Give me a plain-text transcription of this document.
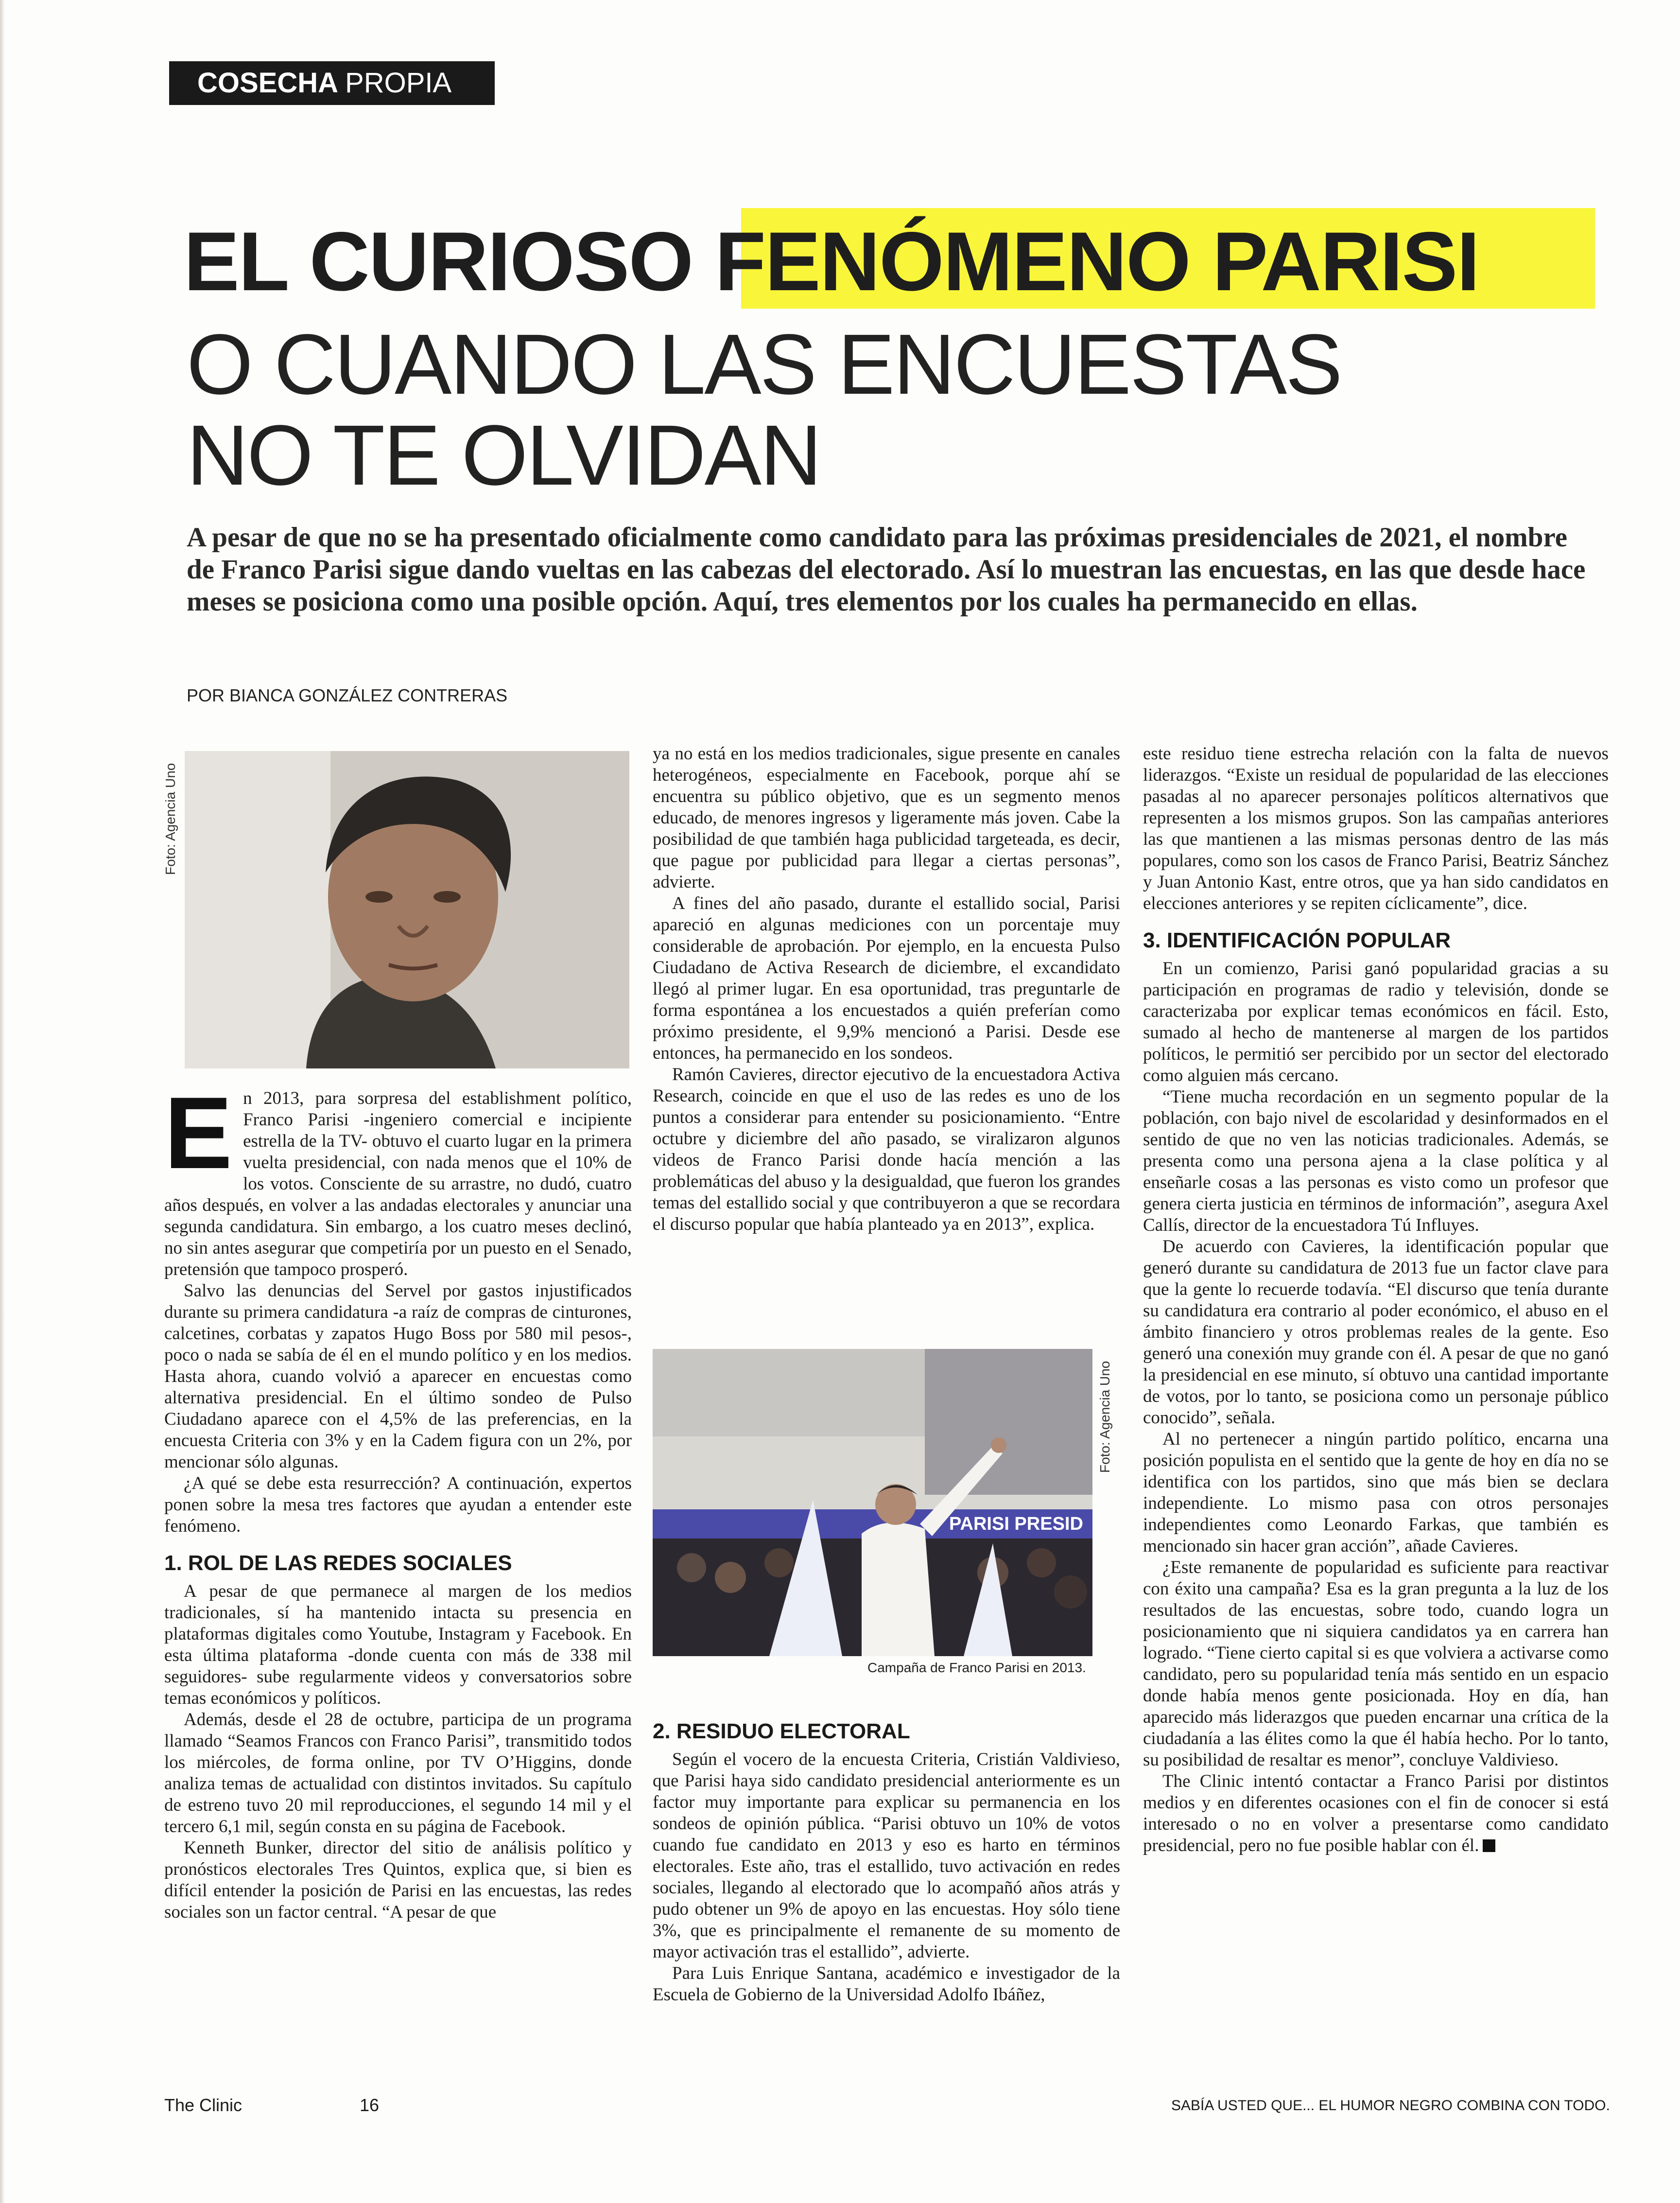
COSECHA PROPIA
EL CURIOSO FENÓMENO PARISI
O CUANDO LAS ENCUESTAS
NO TE OLVIDAN

A pesar de que no se ha presentado oficialmente como candidato para las próximas presidenciales de 2021, el nombre de Franco Parisi sigue dando vueltas en las cabezas del electorado. Así lo muestran las encuestas, en las que desde hace meses se posiciona como una posible opción. Aquí, tres elementos por los cuales ha permanecido en ellas.

POR BIANCA GONZÁLEZ CONTRERAS
Foto: Agencia Uno

En 2013, para sorpresa del establishment político, Franco Parisi -ingeniero comercial e incipiente estrella de la TV- obtuvo el cuarto lugar en la primera vuelta presidencial, con nada menos que el 10% de los votos. Consciente de su arrastre, no dudó, cuatro años después, en volver a las andadas electorales y anunciar una segunda candidatura. Sin embargo, a los cuatro meses declinó, no sin antes asegurar que competiría por un puesto en el Senado, pretensión que tampoco prosperó.

Salvo las denuncias del Servel por gastos injustificados durante su primera candidatura -a raíz de compras de cinturones, calcetines, corbatas y zapatos Hugo Boss por 580 mil pesos-, poco o nada se sabía de él en el mundo político y en los medios. Hasta ahora, cuando volvió a aparecer en encuestas como alternativa presidencial. En el último sondeo de Pulso Ciudadano aparece con el 4,5% de las preferencias, en la encuesta Criteria con 3% y en la Cadem figura con un 2%, por mencionar sólo algunas.

¿A qué se debe esta resurrección? A continuación, expertos ponen sobre la mesa tres factores que ayudan a entender este fenómeno.

1. ROL DE LAS REDES SOCIALES

A pesar de que permanece al margen de los medios tradicionales, sí ha mantenido intacta su presencia en plataformas digitales como Youtube, Instagram y Facebook. En esta última plataforma -donde cuenta con más de 338 mil seguidores- sube regularmente videos y conversatorios sobre temas económicos y políticos.

Además, desde el 28 de octubre, participa de un programa llamado “Seamos Francos con Franco Parisi”, transmitido todos los miércoles, de forma online, por TV O’Higgins, donde analiza temas de actualidad con distintos invitados. Su capítulo de estreno tuvo 20 mil reproducciones, el segundo 14 mil y el tercero 6,1 mil, según consta en su página de Facebook.

Kenneth Bunker, director del sitio de análisis político y pronósticos electorales Tres Quintos, explica que, si bien es difícil entender la posición de Parisi en las encuestas, las redes sociales son un factor central. “A pesar de que

ya no está en los medios tradicionales, sigue presente en canales heterogéneos, especialmente en Facebook, porque ahí se encuentra su público objetivo, que es un segmento menos educado, de menores ingresos y ligeramente más joven. Cabe la posibilidad de que también haga publicidad targeteada, es decir, que pague por publicidad para llegar a ciertas personas”, advierte.

A fines del año pasado, durante el estallido social, Parisi apareció en algunas mediciones con un porcentaje muy considerable de aprobación. Por ejemplo, en la encuesta Pulso Ciudadano de Activa Research de diciembre, el excandidato llegó al primer lugar. En esa oportunidad, tras preguntarle de forma espontánea a los encuestados a quién preferían como próximo presidente, el 9,9% mencionó a Parisi. Desde ese entonces, ha permanecido en los sondeos.

Ramón Cavieres, director ejecutivo de la encuestadora Activa Research, coincide en que el uso de las redes es uno de los puntos a considerar para entender su posicionamiento. “Entre octubre y diciembre del año pasado, se viralizaron algunos videos de Franco Parisi donde hacía mención a las problemáticas del abuso y la desigualdad, que fueron los grandes temas del estallido social y que contribuyeron a que se recordara el discurso popular que había planteado ya en 2013”, explica.

PARISI PRESID
Foto: Agencia Uno
Campaña de Franco Parisi en 2013.
2. RESIDUO ELECTORAL

Según el vocero de la encuesta Criteria, Cristián Valdivieso, que Parisi haya sido candidato presidencial anteriormente es un factor muy importante para explicar su permanencia en los sondeos de opinión pública. “Parisi obtuvo un 10% de votos cuando fue candidato en 2013 y eso es harto en términos electorales. Este año, tras el estallido, tuvo activación en redes sociales, llegando al electorado que lo acompañó años atrás y pudo obtener un 9% de apoyo en las encuestas. Hoy sólo tiene 3%, que es principalmente el remanente de su momento de mayor activación tras el estallido”, advierte.

Para Luis Enrique Santana, académico e investigador de la Escuela de Gobierno de la Universidad Adolfo Ibáñez,

este residuo tiene estrecha relación con la falta de nuevos liderazgos. “Existe un residual de popularidad de las elecciones pasadas al no aparecer personajes políticos alternativos que representen a los mismos grupos. Son las campañas anteriores las que mantienen a las mismas personas dentro de las más populares, como son los casos de Franco Parisi, Beatriz Sánchez y Juan Antonio Kast, entre otros, que ya han sido candidatos en elecciones anteriores y se repiten cíclicamente”, dice.

3. IDENTIFICACIÓN POPULAR

En un comienzo, Parisi ganó popularidad gracias a su participación en programas de radio y televisión, donde se caracterizaba por explicar temas económicos en fácil. Esto, sumado al hecho de mantenerse al margen de los partidos políticos, le permitió ser percibido por un sector del electorado como alguien más cercano.

“Tiene mucha recordación en un segmento popular de la población, con bajo nivel de escolaridad y desinformados en el sentido de que no ven las noticias tradicionales. Además, se presenta como una persona ajena a la clase política y al enseñarle cosas a las personas es visto como un profesor que genera cierta justicia en términos de información”, asegura Axel Callís, director de la encuestadora Tú Influyes.

De acuerdo con Cavieres, la identificación popular que generó durante su candidatura de 2013 fue un factor clave para que la gente lo recuerde todavía. “El discurso que tenía durante su candidatura era contrario al poder económico, el abuso en el ámbito financiero y otros problemas reales de la gente. Eso generó una conexión muy grande con él. A pesar de que no ganó la presidencial en ese minuto, sí obtuvo una cantidad importante de votos, por lo tanto, se posiciona como un personaje público conocido”, señala.

Al no pertenecer a ningún partido político, encarna una posición populista en el sentido que la gente de hoy en día no se identifica con los partidos, sino que más bien se declara independiente. Lo mismo pasa con otros personajes independientes como Leonardo Farkas, que también es mencionado sin hacer gran acción”, añade Cavieres.

¿Este remanente de popularidad es suficiente para reactivar con éxito una campaña? Esa es la gran pregunta a la luz de los resultados de las encuestas, sobre todo, cuando logra un posicionamiento que ni siquiera candidatos ya en carrera han logrado. “Tiene cierto capital si es que volviera a activarse como candidato, pero su popularidad tenía más sentido en un espacio donde había menos gente posicionada. Hoy en día, han aparecido más liderazgos que pueden encarnar una crítica de la ciudadanía a las élites como la que él había hecho. Por lo tanto, su posibilidad de resaltar es menor”, concluye Valdivieso.

The Clinic intentó contactar a Franco Parisi por distintos medios y en diferentes ocasiones con el fin de conocer si está interesado o no en volver a presentarse como candidato presidencial, pero no fue posible hablar con él.

The Clinic	16	SABÍA USTED QUE... EL HUMOR NEGRO COMBINA CON TODO.
